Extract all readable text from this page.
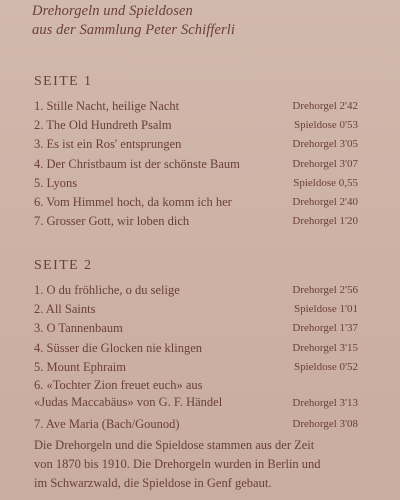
Drehorgeln und Spieldosen
aus der Sammlung Peter Schifferli
SEITE 1
1. Stille Nacht, heilige Nacht	Drehorgel 2'42
2. The Old Hundreth Psalm	Spieldose 0'53
3. Es ist ein Ros' entsprungen	Drehorgel 3'05
4. Der Christbaum ist der schönste Baum	Drehorgel 3'07
5. Lyons	Spieldose 0,55
6. Vom Himmel hoch, da komm ich her	Drehorgel 2'40
7. Grosser Gott, wir loben dich	Drehorgel 1'20
SEITE 2
1. O du fröhliche, o du selige	Drehorgel 2'56
2. All Saints	Spieldose 1'01
3. O Tannenbaum	Drehorgel 1'37
4. Süsser die Glocken nie klingen	Drehorgel 3'15
5. Mount Ephraim	Spieldose 0'52
6. «Tochter Zion freuet euch» aus
«Judas Maccabäus» von G. F. Händel	Drehorgel 3'13
7. Ave Maria (Bach/Gounod)	Drehorgel 3'08
Die Drehorgeln und die Spieldose stammen aus der Zeit
von 1870 bis 1910. Die Drehorgeln wurden in Berlin und
im Schwarzwald, die Spieldose in Genf gebaut.
